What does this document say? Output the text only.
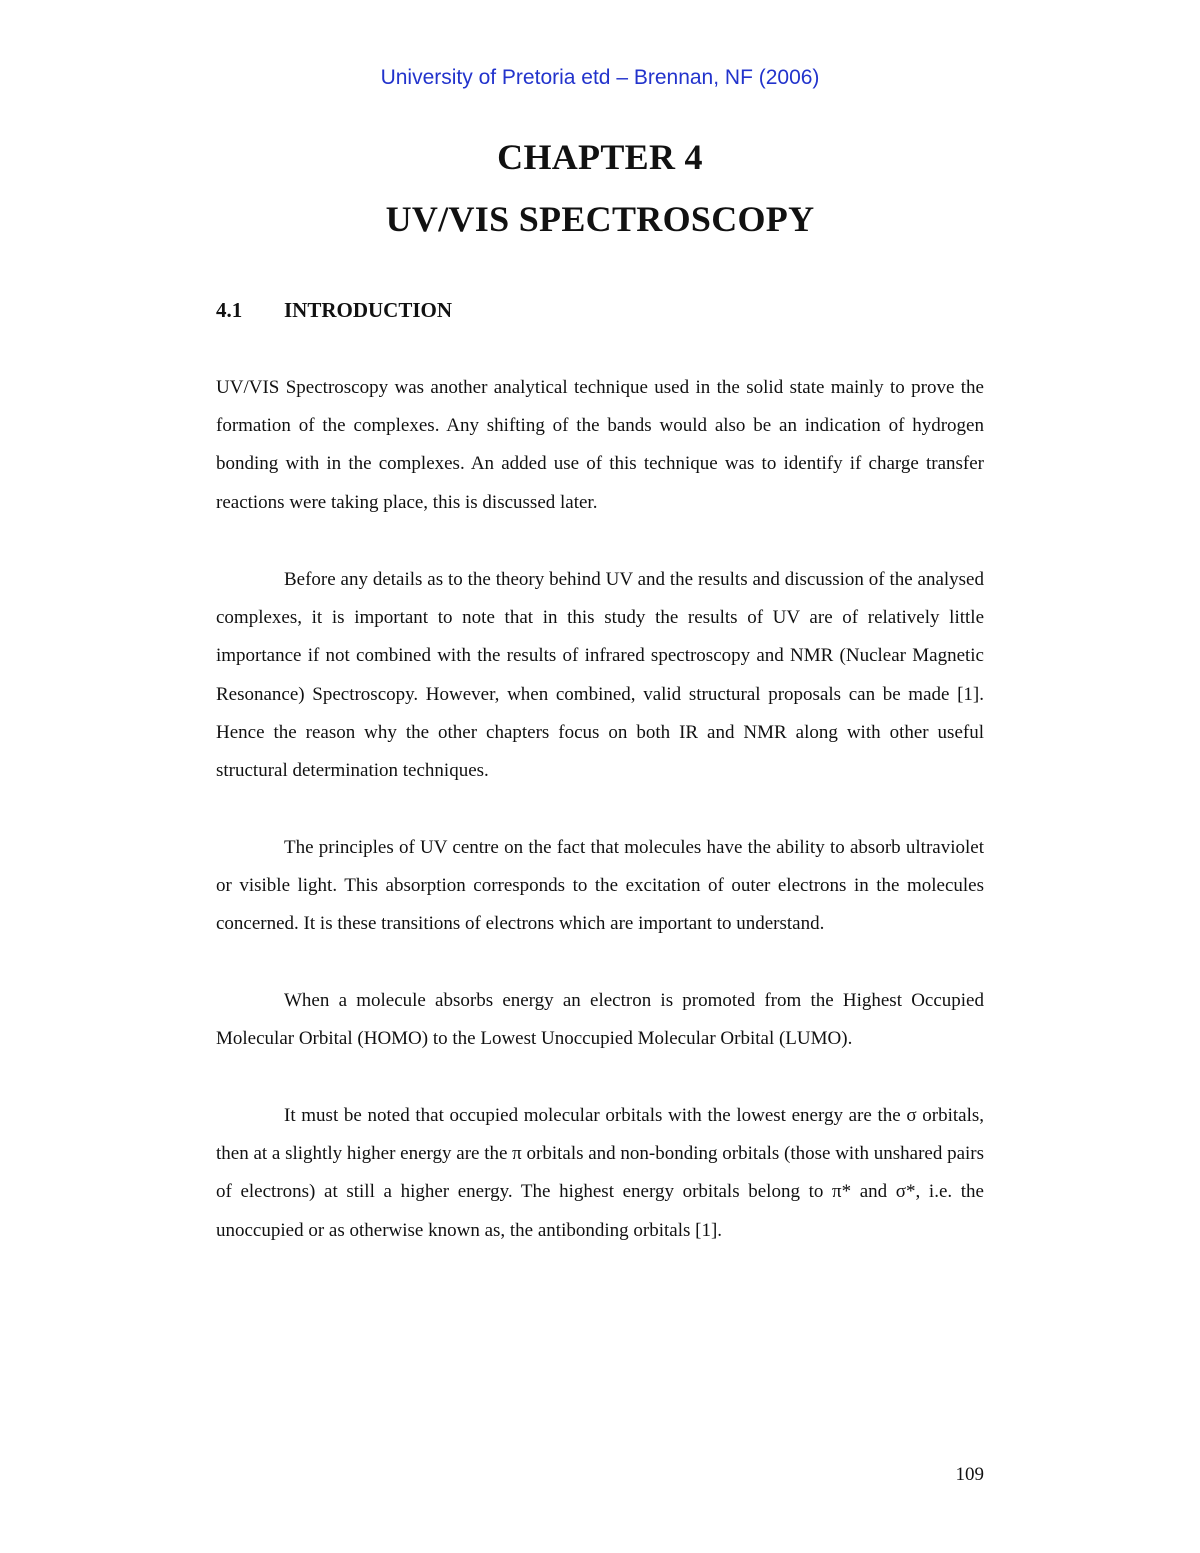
University of Pretoria etd – Brennan, NF (2006)
CHAPTER 4
UV/VIS SPECTROSCOPY
4.1 INTRODUCTION

UV/VIS Spectroscopy was another analytical technique used in the solid state mainly to prove the formation of the complexes. Any shifting of the bands would also be an indication of hydrogen bonding with in the complexes. An added use of this technique was to identify if charge transfer reactions were taking place, this is discussed later.

Before any details as to the theory behind UV and the results and discussion of the analysed complexes, it is important to note that in this study the results of UV are of relatively little importance if not combined with the results of infrared spectroscopy and NMR (Nuclear Magnetic Resonance) Spectroscopy. However, when combined, valid structural proposals can be made [1]. Hence the reason why the other chapters focus on both IR and NMR along with other useful structural determination techniques.

The principles of UV centre on the fact that molecules have the ability to absorb ultraviolet or visible light. This absorption corresponds to the excitation of outer electrons in the molecules concerned. It is these transitions of electrons which are important to understand.

When a molecule absorbs energy an electron is promoted from the Highest Occupied Molecular Orbital (HOMO) to the Lowest Unoccupied Molecular Orbital (LUMO).

It must be noted that occupied molecular orbitals with the lowest energy are the σ orbitals, then at a slightly higher energy are the π orbitals and non-bonding orbitals (those with unshared pairs of electrons) at still a higher energy. The highest energy orbitals belong to π* and σ*, i.e. the unoccupied or as otherwise known as, the antibonding orbitals [1].

109
